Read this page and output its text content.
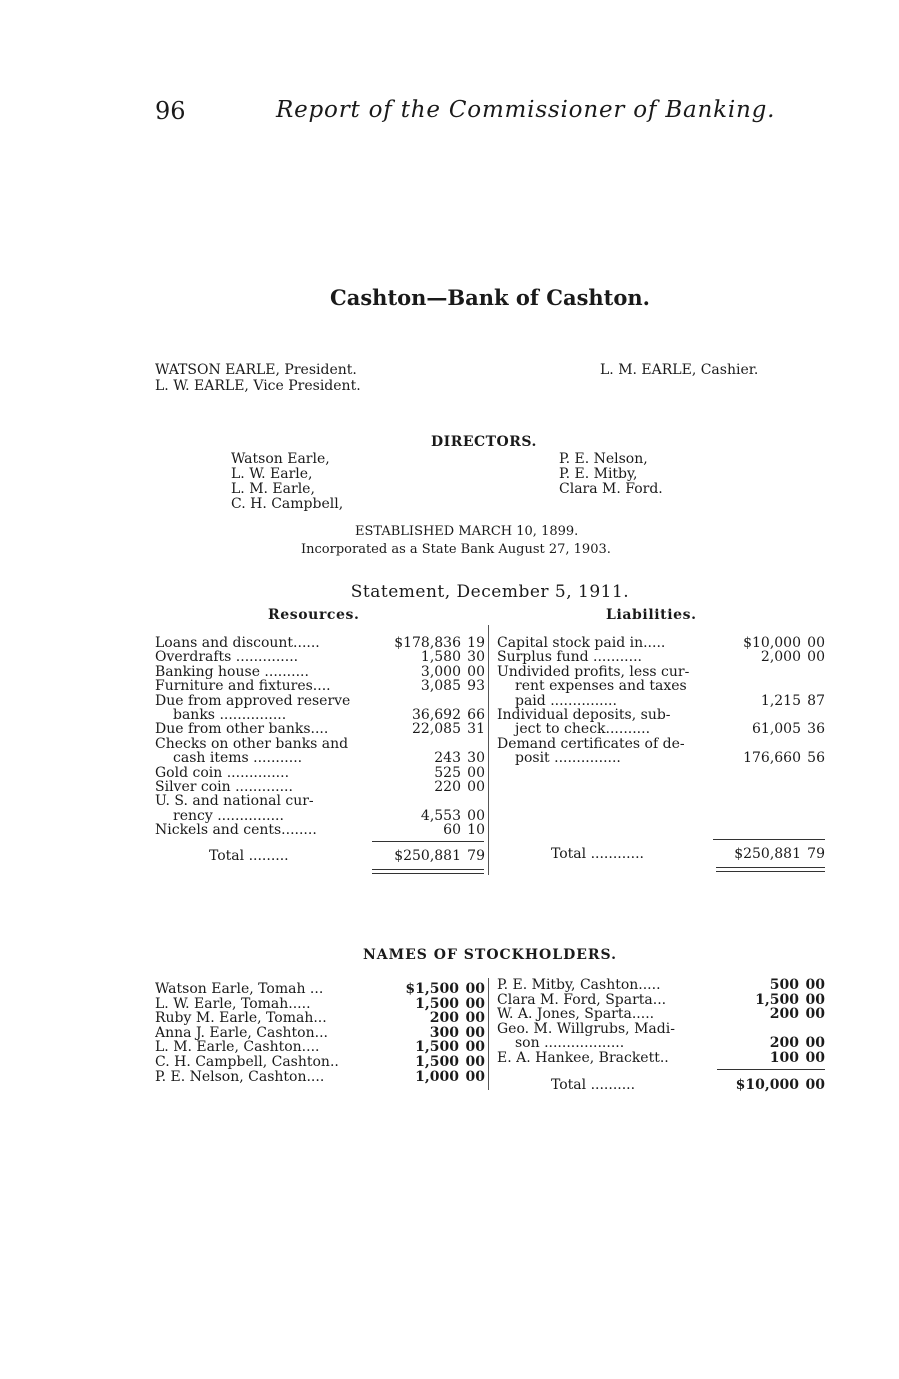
96	Report of the Commissioner of Banking.
Cashton—Bank of Cashton.
WATSON EARLE, President.
L. W. EARLE, Vice President.
L. M. EARLE, Cashier.
DIRECTORS.
Watson Earle,
L. W. Earle,
L. M. Earle,
C. H. Campbell,
P. E. Nelson,
P. E. Mitby,
Clara M. Ford.
ESTABLISHED MARCH 10, 1899.
Incorporated as a State Bank August 27, 1903.
Statement, December 5, 1911.
Resources.	Liabilities.
Loans and discount......	$178,836 19
Overdrafts ..............	1,580 30
Banking house ..........	3,000 00
Furniture and fixtures....	3,085 93
Due from approved reserve
banks ...............	36,692 66
Due from other banks....	22,085 31
Checks on other banks and
cash items ...........	243 30
Gold coin ..............	525 00
Silver coin .............	220 00
U. S. and national cur-
rency ...............	4,553 00
Nickels and cents........	60 10
Total .........	$250,881 79
Capital stock paid in.....	$10,000 00
Surplus fund ...........	2,000 00
Undivided profits, less cur-
rent expenses and taxes
paid ...............	1,215 87
Individual deposits, sub-
ject to check..........	61,005 36
Demand certificates of de-
posit ...............	176,660 56
Total ............	$250,881 79
NAMES OF STOCKHOLDERS.
Watson Earle, Tomah ...	$1,500 00
L. W. Earle, Tomah.....	1,500 00
Ruby M. Earle, Tomah...	200 00
Anna J. Earle, Cashton...	300 00
L. M. Earle, Cashton....	1,500 00
C. H. Campbell, Cashton..	1,500 00
P. E. Nelson, Cashton....	1,000 00
P. E. Mitby, Cashton.....	500 00
Clara M. Ford, Sparta...	1,500 00
W. A. Jones, Sparta.....	200 00
Geo. M. Willgrubs, Madi-
son ..................	200 00
E. A. Hankee, Brackett..	100 00
Total ..........	$10,000 00
